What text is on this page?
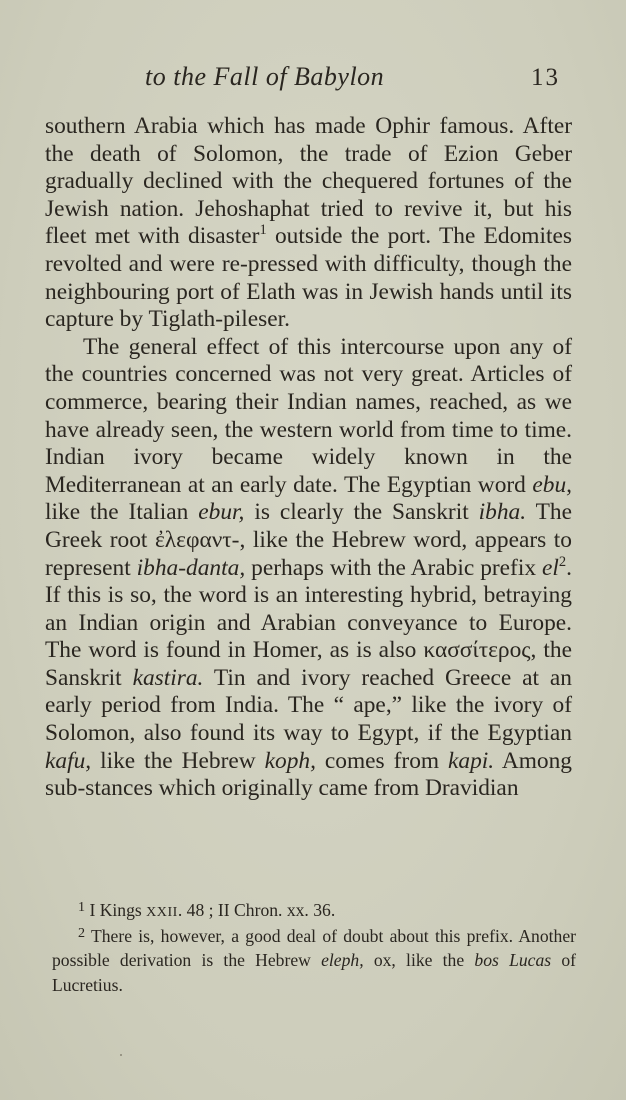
to the Fall of Babylon	13

southern Arabia which has made Ophir famous. After the death of Solomon, the trade of Ezion Geber gradually declined with the chequered fortunes of the Jewish nation. Jehoshaphat tried to revive it, but his fleet met with disaster$^1$ outside the port. The Edomites revolted and were re-pressed with difficulty, though the neighbouring port of Elath was in Jewish hands until its capture by Tiglath-pileser.

The general effect of this intercourse upon any of the countries concerned was not very great. Articles of commerce, bearing their Indian names, reached, as we have already seen, the western world from time to time. Indian ivory became widely known in the Mediterranean at an early date. The Egyptian word ebu, like the Italian ebur, is clearly the Sanskrit ibha. The Greek root ἐλεφαντ-, like the Hebrew word, appears to represent ibha-danta, perhaps with the Arabic prefix $el^2$. If this is so, the word is an interesting hybrid, betraying an Indian origin and Arabian conveyance to Europe. The word is found in Homer, as is also κασσίτερος, the Sanskrit kastira. Tin and ivory reached Greece at an early period from India. The “ ape,” like the ivory of Solomon, also found its way to Egypt, if the Egyptian kafu, like the Hebrew koph, comes from kapi. Among sub-stances which originally came from Dravidian

$^1$ I Kings XXII. 48 ; II Chron. xx. 36.

$^2$ There is, however, a good deal of doubt about this prefix. Another possible derivation is the Hebrew eleph, ox, like the bos Lucas of Lucretius.
